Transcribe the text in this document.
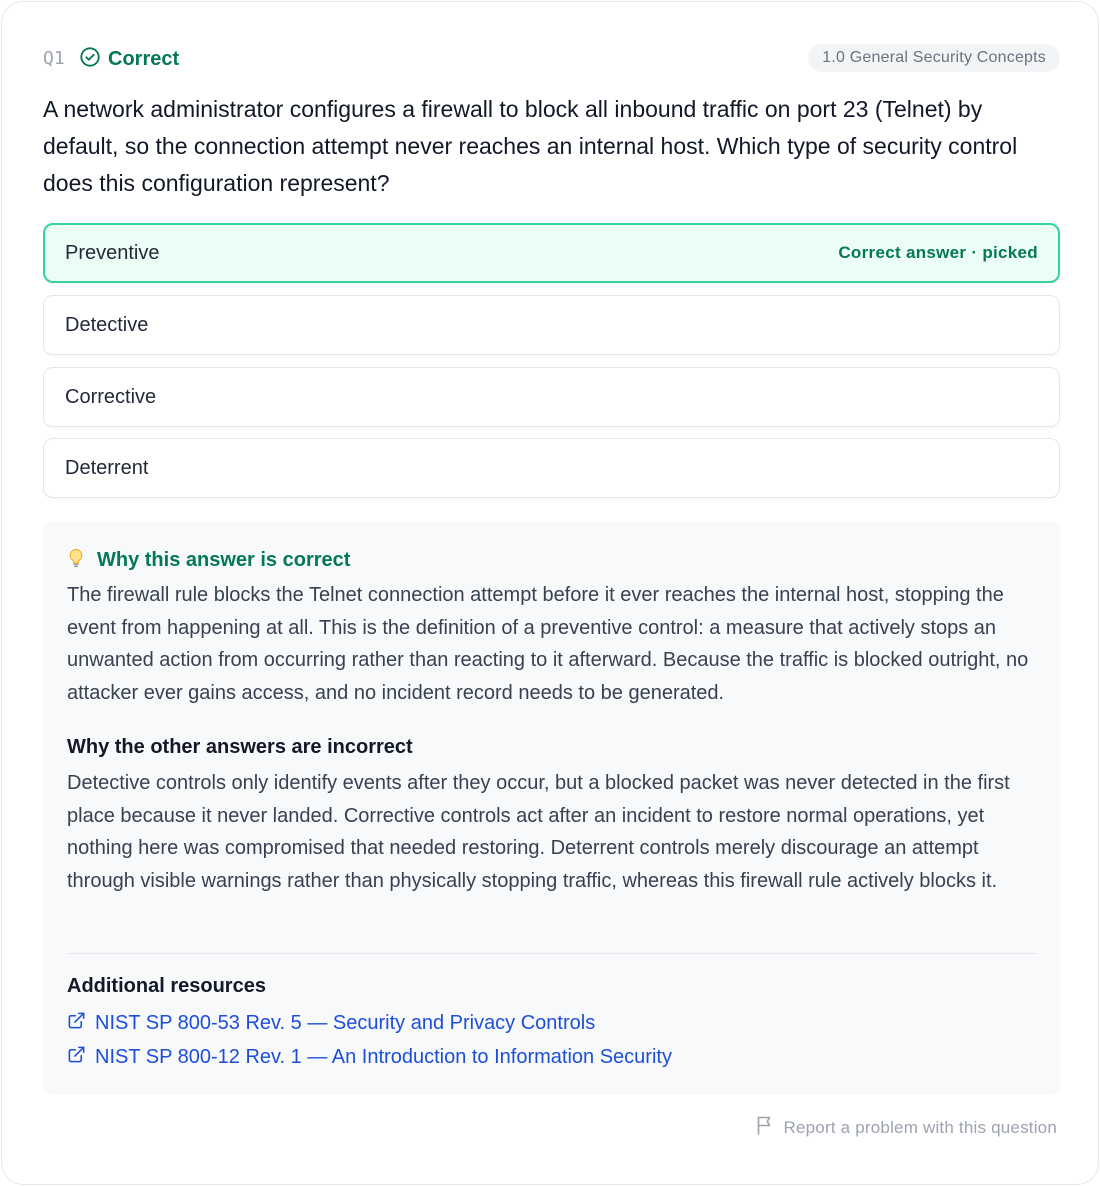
Q1 Correct	1.0 General Security Concepts
A network administrator configures a firewall to block all inbound traffic on port 23 (Telnet) by default, so the connection attempt never reaches an internal host. Which type of security control does this configuration represent?
Preventive	Correct answer · picked
Detective
Corrective
Deterrent
Why this answer is correct
The firewall rule blocks the Telnet connection attempt before it ever reaches the internal host, stopping the event from happening at all. This is the definition of a preventive control: a measure that actively stops an unwanted action from occurring rather than reacting to it afterward. Because the traffic is blocked outright, no attacker ever gains access, and no incident record needs to be generated.
Why the other answers are incorrect
Detective controls only identify events after they occur, but a blocked packet was never detected in the first place because it never landed. Corrective controls act after an incident to restore normal operations, yet nothing here was compromised that needed restoring. Deterrent controls merely discourage an attempt through visible warnings rather than physically stopping traffic, whereas this firewall rule actively blocks it.
Additional resources
NIST SP 800-53 Rev. 5 — Security and Privacy Controls
NIST SP 800-12 Rev. 1 — An Introduction to Information Security
Report a problem with this question
